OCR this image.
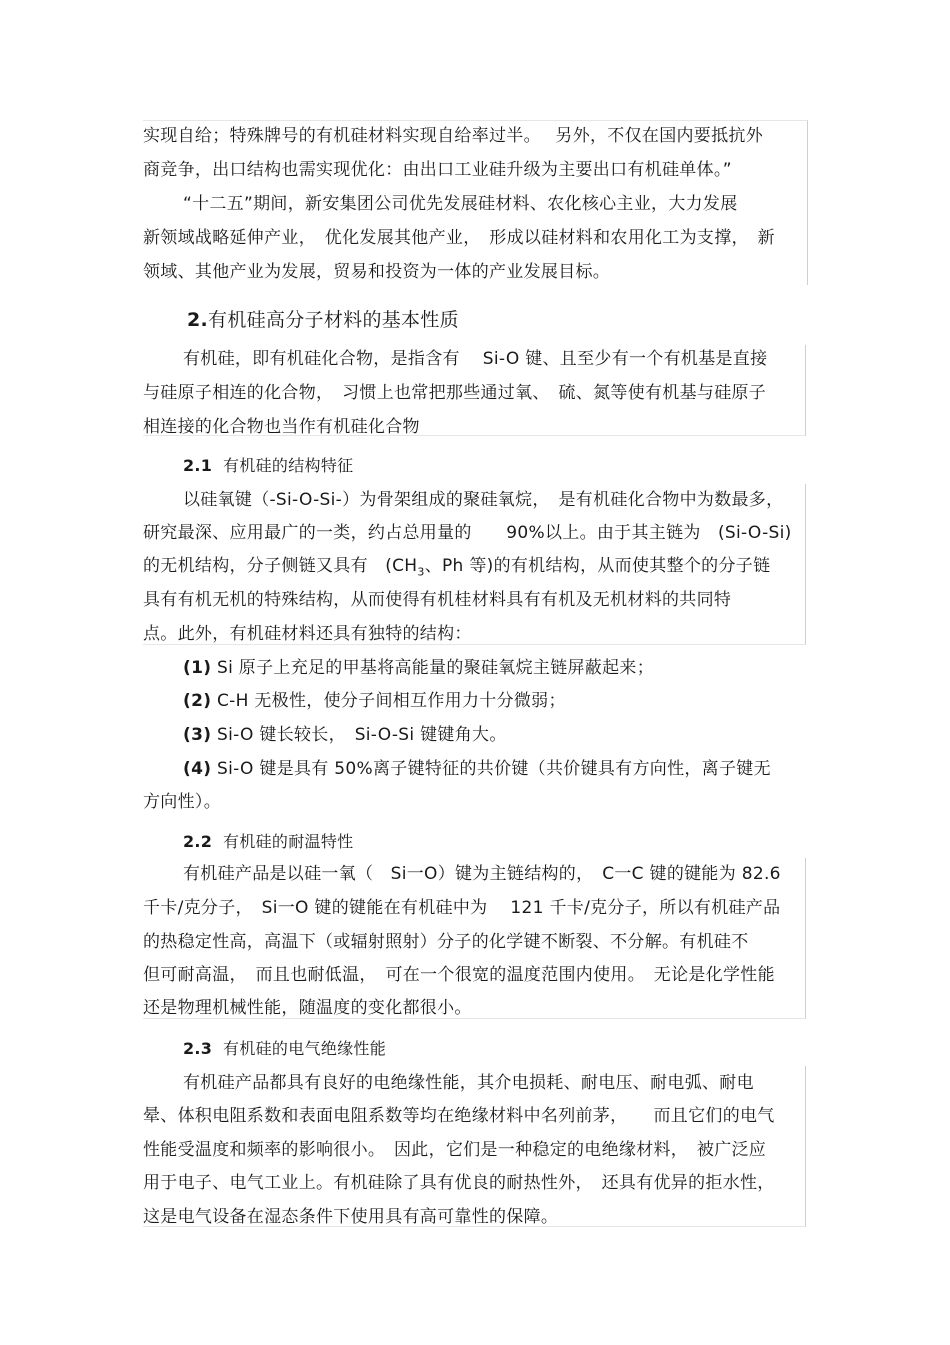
实现自给；特殊牌号的有机硅材料实现自给率过半。　 另外，不仅在国内要抵抗外
商竞争，出口结构也需实现优化：由出口工业硅升级为主要出口有机硅单体。”
“十二五”期间，新安集团公司优先发展硅材料、农化核心主业，大力发展
新领域战略延伸产业，　优化发展其他产业，　形成以硅材料和农用化工为支撑，　新
领域、其他产业为发展，贸易和投资为一体的产业发展目标。
2.有机硅高分子材料的基本性质
有机硅，即有机硅化合物，是指含有　 Si-O 键、且至少有一个有机基是直接
与硅原子相连的化合物，　习惯上也常把那些通过氧、　硫、氮等使有机基与硅原子
相连接的化合物也当作有机硅化合物
2.1 有机硅的结构特征
以硅氧键（-Si-O-Si-）为骨架组成的聚硅氧烷，　是有机硅化合物中为数最多，
研究最深、应用最广的一类，约占总用量的　　90%以上。由于其主链为　(Si-O-Si)
的无机结构，分子侧链又具有　($CH_3$、Ph 等)的有机结构，从而使其整个的分子链
具有有机无机的特殊结构，从而使得有机桂材料具有有机及无机材料的共同特
点。此外，有机硅材料还具有独特的结构：
(1) Si 原子上充足的甲基将高能量的聚硅氧烷主链屏蔽起来；
(2) C-H 无极性，使分子间相互作用力十分微弱；
(3) Si-O 键长较长，　Si-O-Si 键键角大。
(4) Si-O 键是具有 50%离子键特征的共价键（共价键具有方向性，离子键无
方向性）。
2.2 有机硅的耐温特性
有机硅产品是以硅一氧（　Si一O）键为主链结构的，　C一C 键的键能为 82.6
千卡/克分子，　Si一O 键的键能在有机硅中为　 121 千卡/克分子，所以有机硅产品
的热稳定性高，高温下（或辐射照射）分子的化学键不断裂、不分解。有机硅不
但可耐高温，　而且也耐低温，　可在一个很宽的温度范围内使用。　无论是化学性能
还是物理机械性能，随温度的变化都很小。
2.3 有机硅的电气绝缘性能
有机硅产品都具有良好的电绝缘性能，其介电损耗、耐电压、耐电弧、耐电
晕、体积电阻系数和表面电阻系数等均在绝缘材料中名列前茅，　　而且它们的电气
性能受温度和频率的影响很小。　因此，它们是一种稳定的电绝缘材料，　被广泛应
用于电子、电气工业上。有机硅除了具有优良的耐热性外，　还具有优异的拒水性，
这是电气设备在湿态条件下使用具有高可靠性的保障。
